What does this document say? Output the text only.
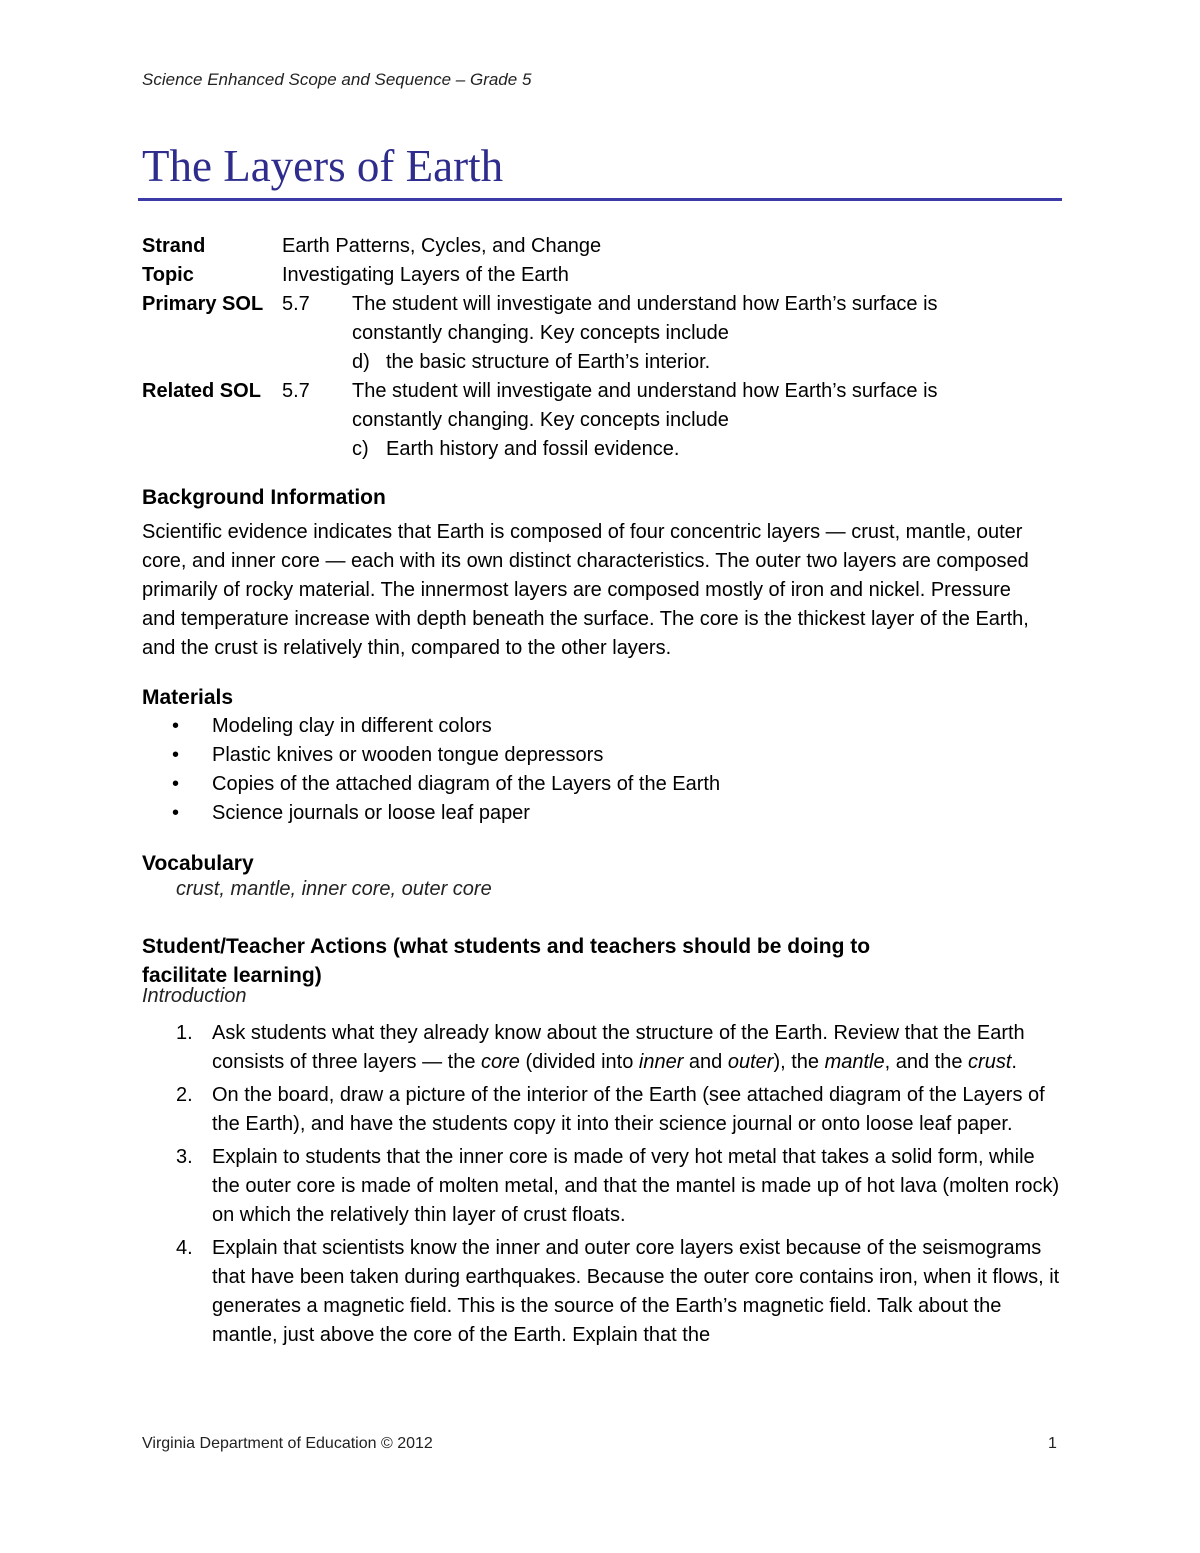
Science Enhanced Scope and Sequence – Grade 5
The Layers of Earth
Strand	Earth Patterns, Cycles, and Change
Topic	Investigating Layers of the Earth
Primary SOL 5.7	The student will investigate and understand how Earth’s surface is constantly changing. Key concepts include
d) the basic structure of Earth’s interior.
Related SOL	5.7	The student will investigate and understand how Earth’s surface is constantly changing. Key concepts include
c) Earth history and fossil evidence.
Background Information

Scientific evidence indicates that Earth is composed of four concentric layers — crust, mantle, outer core, and inner core — each with its own distinct characteristics. The outer two layers are composed primarily of rocky material. The innermost layers are composed mostly of iron and nickel. Pressure and temperature increase with depth beneath the surface. The core is the thickest layer of the Earth, and the crust is relatively thin, compared to the other layers.

Materials
•	Modeling clay in different colors
•	Plastic knives or wooden tongue depressors
•	Copies of the attached diagram of the Layers of the Earth
•	Science journals or loose leaf paper
Vocabulary
crust, mantle, inner core, outer core
Student/Teacher Actions (what students and teachers should be doing to
facilitate learning)
Introduction
1. Ask students what they already know about the structure of the Earth. Review that the Earth consists of three layers — the core (divided into inner and outer), the mantle, and the crust.
2. On the board, draw a picture of the interior of the Earth (see attached diagram of the Layers of the Earth), and have the students copy it into their science journal or onto loose leaf paper.
3. Explain to students that the inner core is made of very hot metal that takes a solid form, while the outer core is made of molten metal, and that the mantel is made up of hot lava (molten rock) on which the relatively thin layer of crust floats.
4. Explain that scientists know the inner and outer core layers exist because of the seismograms that have been taken during earthquakes. Because the outer core contains iron, when it flows, it generates a magnetic field. This is the source of the Earth’s magnetic field. Talk about the mantle, just above the core of the Earth. Explain that the
Virginia Department of Education © 2012	1
